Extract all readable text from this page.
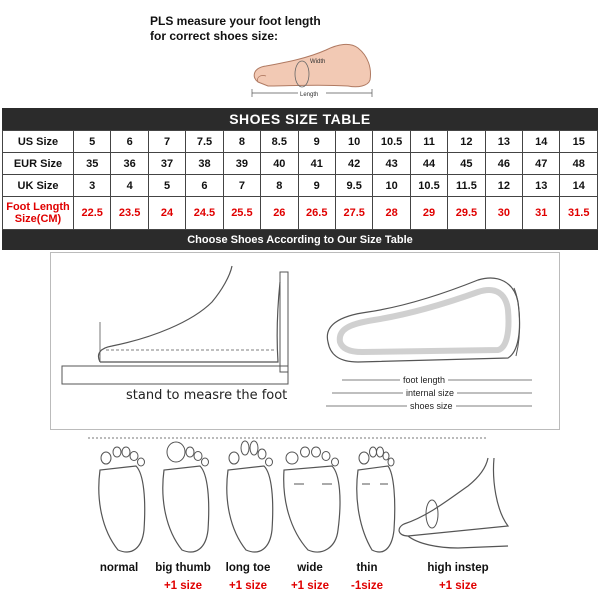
PLS measure your foot length
for correct shoes size:
Width
Length
SHOES SIZE TABLE
US Size	5	6	7	7.5	8	8.5	9	10	10.5	11	12	13	14	15
EUR Size	35	36	37	38	39	40	41	42	43	44	45	46	47	48
UK Size	3	4	5	6	7	8	9	9.5	10	10.5	11.5	12	13	14

Foot Length
Size(CM)	22.5	23.5	24	24.5	25.5	26	26.5	27.5	28	29	29.5	30	31	31.5
Choose Shoes According to Our Size Table
stand to measre the foot
foot length
internal size
shoes size
normal	big thumb
+1 size
long toe
+1 size
wide
+1 size
thin
-1size
high instep
+1 size
